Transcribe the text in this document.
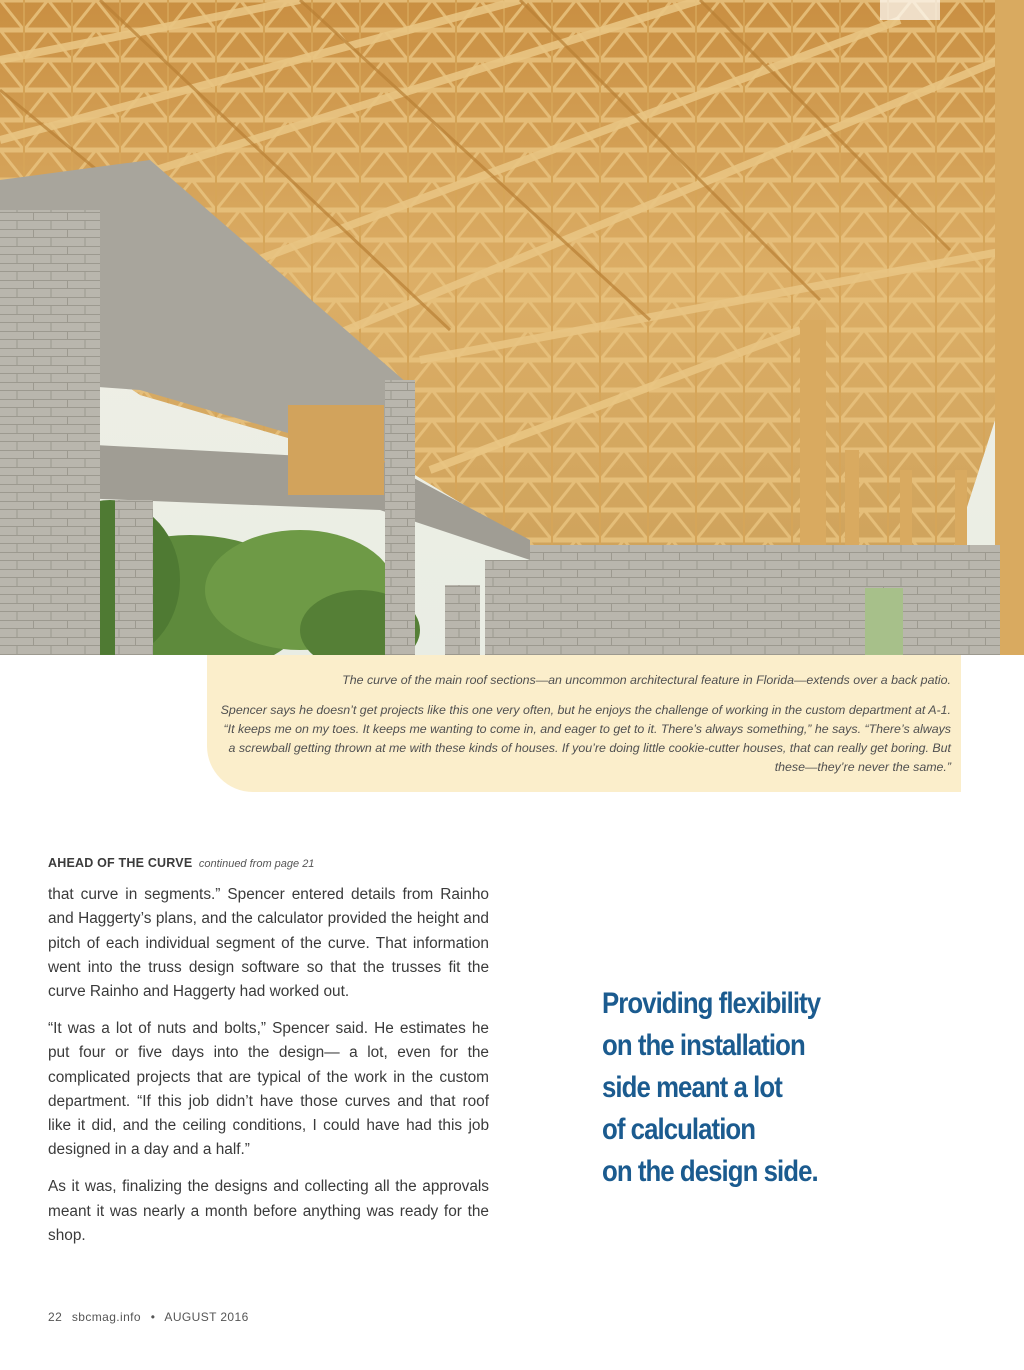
The curve of the main roof sections—an uncommon architectural feature in Florida—extends over a back patio.

Spencer says he doesn’t get projects like this one very often, but he enjoys the challenge of working in the custom department at A-1. “It keeps me on my toes. It keeps me wanting to come in, and eager to get to it. There’s always something,” he says. “There’s always a screwball getting thrown at me with these kinds of houses. If you’re doing little cookie-cutter houses, that can really get boring. But these—they’re never the same.”

AHEAD OF THE CURVE continued from page 21

that curve in segments.” Spencer entered details from Rainho and Haggerty’s plans, and the calculator provided the height and pitch of each individual segment of the curve. That information went into the truss design software so that the trusses fit the curve Rainho and Haggerty had worked out.

“It was a lot of nuts and bolts,” Spencer said. He estimates he put four or five days into the design— a lot, even for the complicated projects that are typical of the work in the custom department. “If this job didn’t have those curves and that roof like it did, and the ceiling conditions, I could have had this job designed in a day and a half.”

As it was, finalizing the designs and collecting all the approvals meant it was nearly a month before anything was ready for the shop.

Providing flexibility
on the installation
side meant a lot
of calculation
on the design side.
22 sbcmag.info • AUGUST 2016
